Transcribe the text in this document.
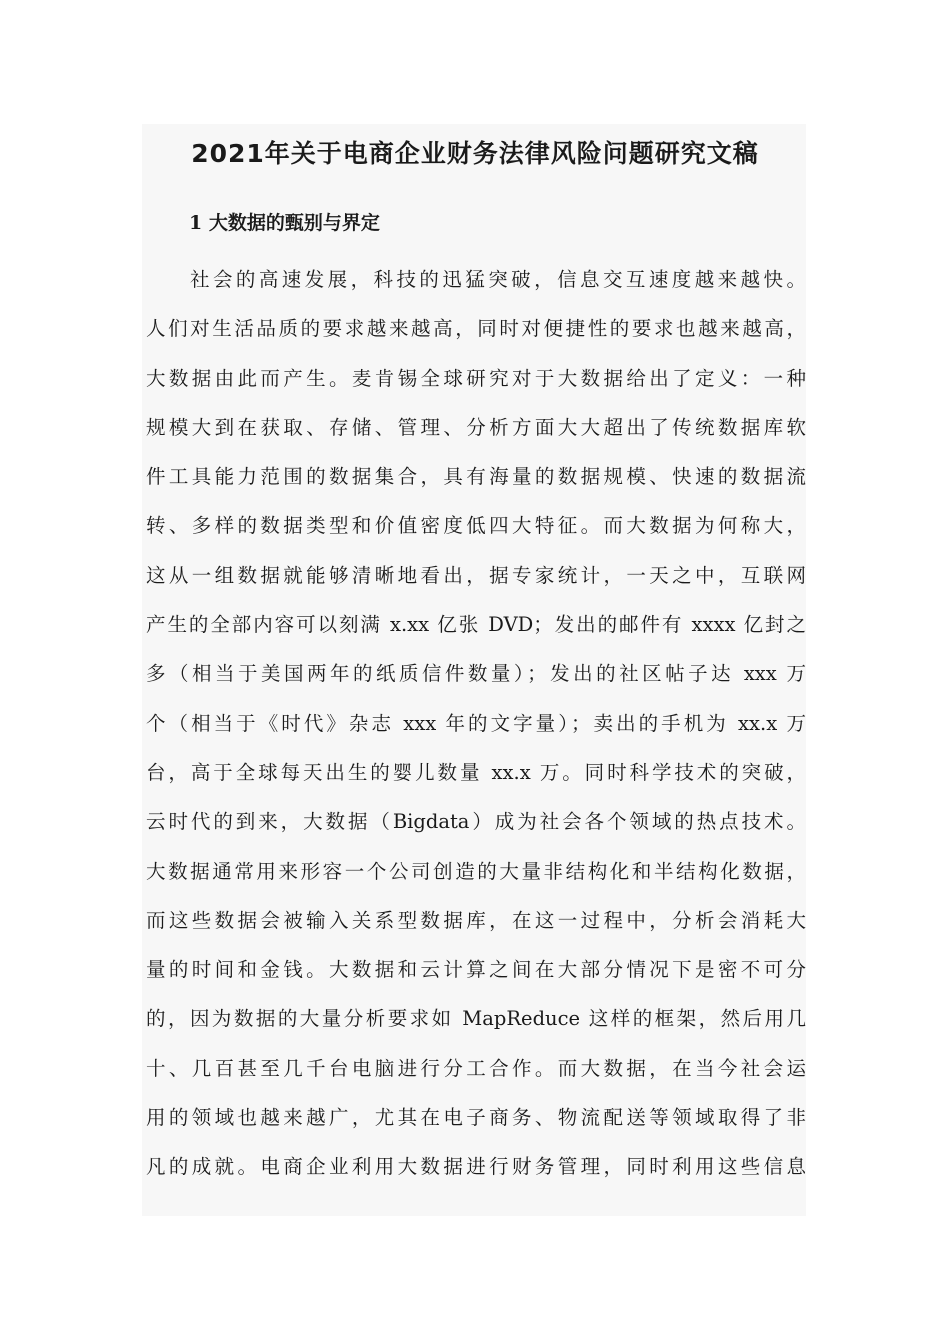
2021年关于电商企业财务法律风险问题研究文稿
1 大数据的甄别与界定
社会的高速发展，科技的迅猛突破，信息交互速度越来越快。
人们对生活品质的要求越来越高，同时对便捷性的要求也越来越高，
大数据由此而产生。麦肯锡全球研究对于大数据给出了定义：一种
规模大到在获取、存储、管理、分析方面大大超出了传统数据库软
件工具能力范围的数据集合，具有海量的数据规模、快速的数据流
转、多样的数据类型和价值密度低四大特征。而大数据为何称大，
这从一组数据就能够清晰地看出，据专家统计，一天之中，互联网
产生的全部内容可以刻满 x.xx 亿张 DVD；发出的邮件有 xxxx 亿封之
多（相当于美国两年的纸质信件数量）；发出的社区帖子达 xxx 万
个（相当于《时代》杂志 xxx 年的文字量）；卖出的手机为 xx.x 万
台，高于全球每天出生的婴儿数量 xx.x 万。同时科学技术的突破，
云时代的到来，大数据（Bigdata）成为社会各个领域的热点技术。
大数据通常用来形容一个公司创造的大量非结构化和半结构化数据，
而这些数据会被输入关系型数据库，在这一过程中，分析会消耗大
量的时间和金钱。大数据和云计算之间在大部分情况下是密不可分
的，因为数据的大量分析要求如 MapReduce 这样的框架，然后用几
十、几百甚至几千台电脑进行分工合作。而大数据，在当今社会运
用的领域也越来越广，尤其在电子商务、物流配送等领域取得了非
凡的成就。电商企业利用大数据进行财务管理，同时利用这些信息
